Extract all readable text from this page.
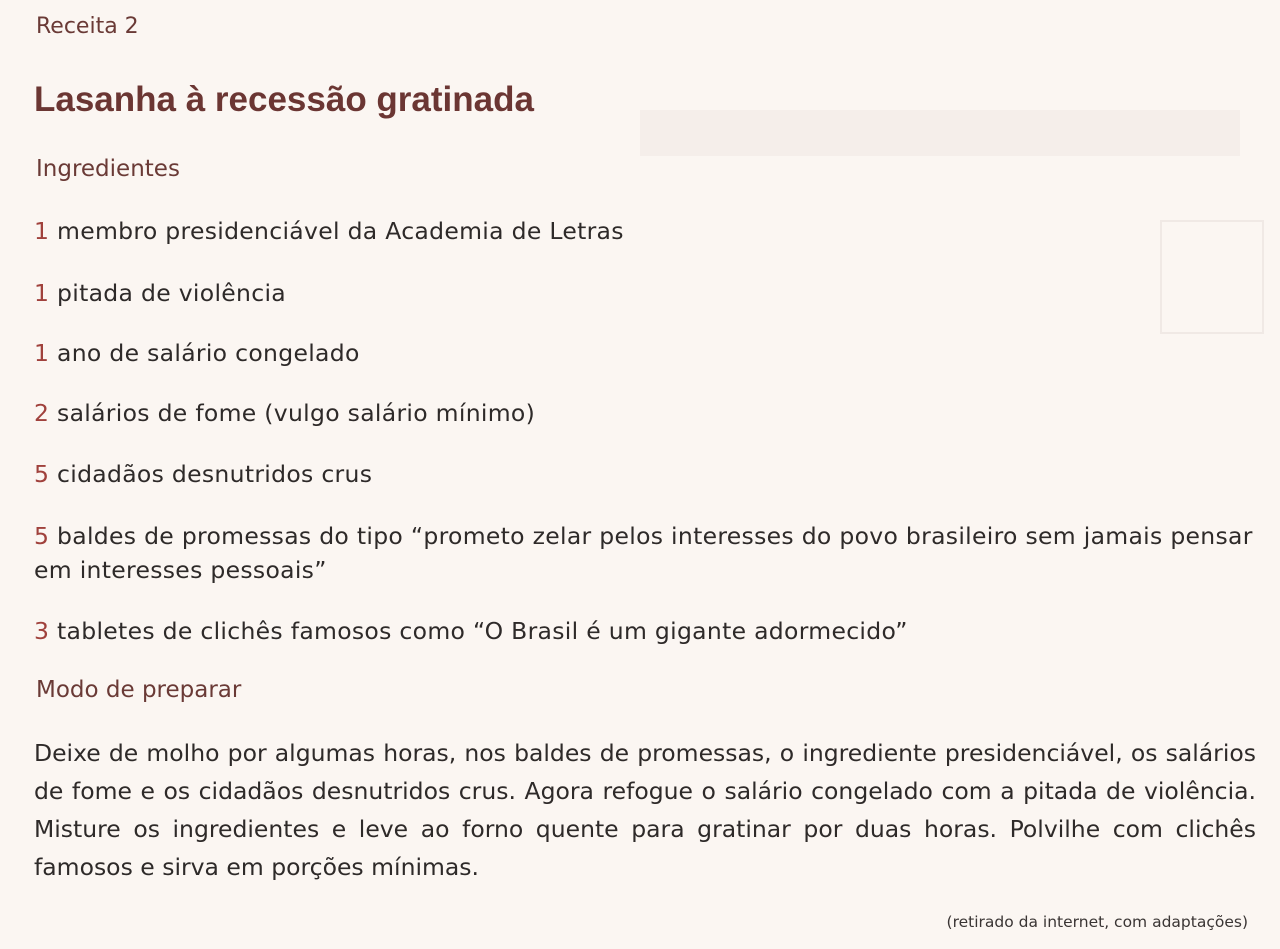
Receita 2
Lasanha à recessão gratinada
Ingredientes
1 membro presidenciável da Academia de Letras
1 pitada de violência
1 ano de salário congelado
2 salários de fome (vulgo salário mínimo)
5 cidadãos desnutridos crus
5 baldes de promessas do tipo “prometo zelar pelos interesses do povo brasileiro sem jamais pensar em interesses pessoais”
3 tabletes de clichês famosos como “O Brasil é um gigante adormecido”
Modo de preparar

Deixe de molho por algumas horas, nos baldes de promessas, o ingrediente presidenciável, os salários de fome e os cidadãos desnutridos crus. Agora refogue o salário congelado com a pitada de violência. Misture os ingredientes e leve ao forno quente para gratinar por duas horas. Polvilhe com clichês famosos e sirva em porções mínimas.

(retirado da internet, com adaptações)
